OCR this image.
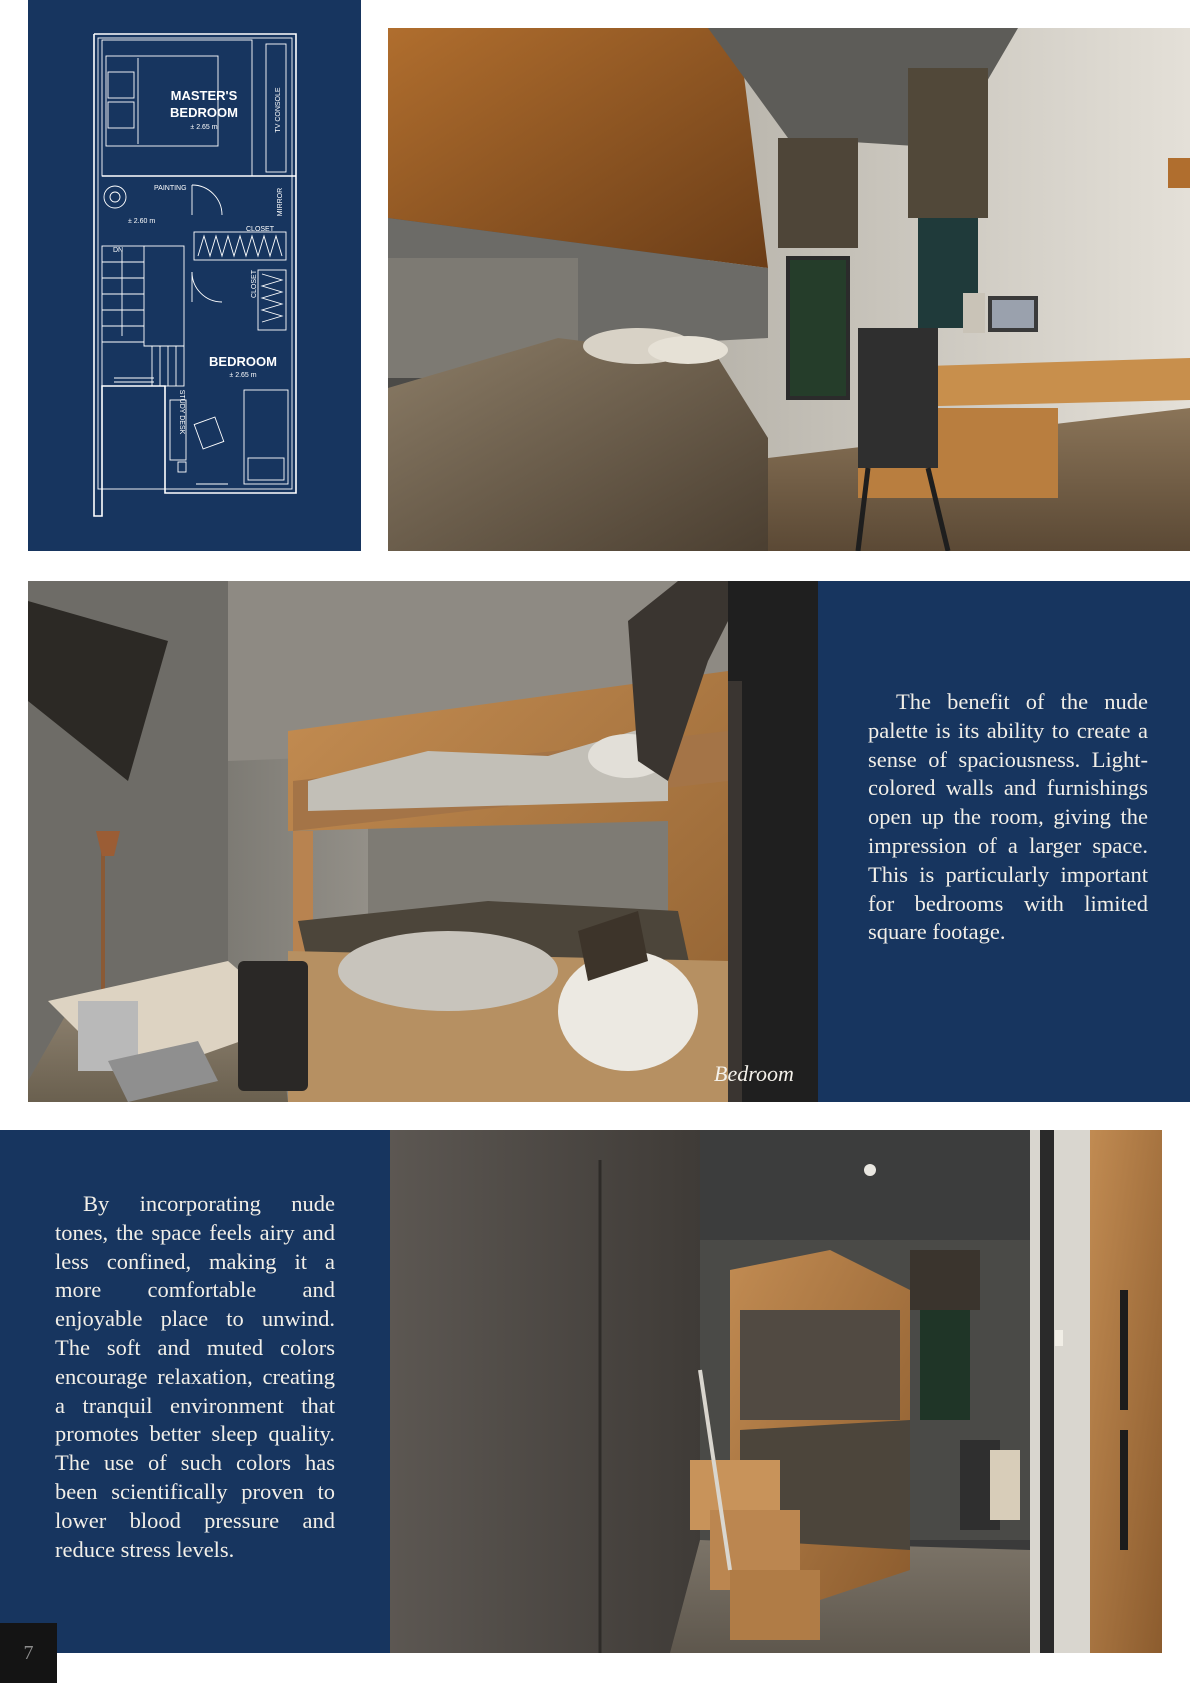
MASTER'S
BEDROOM
± 2.65 m	TV CONSOLE
MIRROR
PAINTING
± 2.60 m
CLOSET
CLOSET
DN
BEDROOM
± 2.65 m
STUDY DESK
Bedroom

The benefit of the nude palette is its ability to create a sense of spaciousness. Light-colored walls and furnishings open up the room, giving the impression of a larger space. This is particularly important for bedrooms with limited square footage.

By incorporating nude tones, the space feels airy and less confined, making it a more comfortable and enjoyable place to unwind. The soft and muted colors encourage relaxation, creating a tranquil environment that promotes better sleep quality. The use of such colors has been scientifically proven to lower blood pressure and reduce stress levels.

7
